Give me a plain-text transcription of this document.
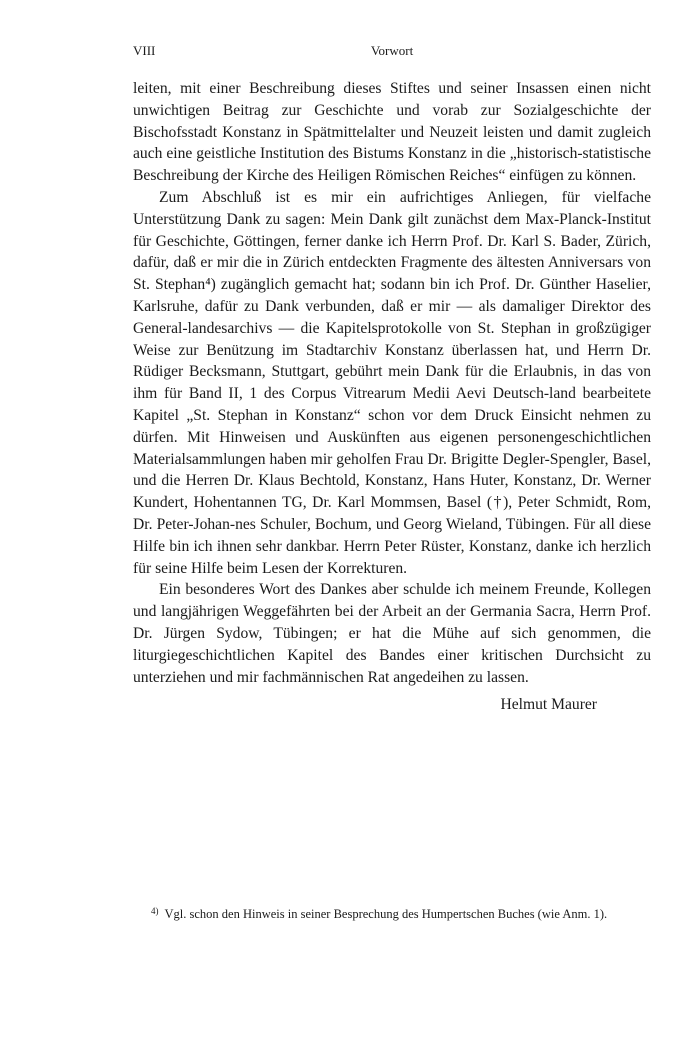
VIII	Vorwort

leiten, mit einer Beschreibung dieses Stiftes und seiner Insassen einen nicht unwichtigen Beitrag zur Geschichte und vorab zur Sozialgeschichte der Bischofsstadt Konstanz in Spätmittelalter und Neuzeit leisten und damit zugleich auch eine geistliche Institution des Bistums Konstanz in die „historisch-statistische Beschreibung der Kirche des Heiligen Römischen Reiches“ einfügen zu können.

Zum Abschluß ist es mir ein aufrichtiges Anliegen, für vielfache Unterstützung Dank zu sagen: Mein Dank gilt zunächst dem Max-Planck-Institut für Geschichte, Göttingen, ferner danke ich Herrn Prof. Dr. Karl S. Bader, Zürich, dafür, daß er mir die in Zürich entdeckten Fragmente des ältesten Anniversars von St. Stephan⁴) zugänglich gemacht hat; sodann bin ich Prof. Dr. Günther Haselier, Karlsruhe, dafür zu Dank verbunden, daß er mir — als damaliger Direktor des General-landesarchivs — die Kapitelsprotokolle von St. Stephan in großzügiger Weise zur Benützung im Stadtarchiv Konstanz überlassen hat, und Herrn Dr. Rüdiger Becksmann, Stuttgart, gebührt mein Dank für die Erlaubnis, in das von ihm für Band II, 1 des Corpus Vitrearum Medii Aevi Deutsch-land bearbeitete Kapitel „St. Stephan in Konstanz“ schon vor dem Druck Einsicht nehmen zu dürfen. Mit Hinweisen und Auskünften aus eigenen personengeschichtlichen Materialsammlungen haben mir geholfen Frau Dr. Brigitte Degler-Spengler, Basel, und die Herren Dr. Klaus Bechtold, Konstanz, Hans Huter, Konstanz, Dr. Werner Kundert, Hohentannen TG, Dr. Karl Mommsen, Basel (†), Peter Schmidt, Rom, Dr. Peter-Johan-nes Schuler, Bochum, und Georg Wieland, Tübingen. Für all diese Hilfe bin ich ihnen sehr dankbar. Herrn Peter Rüster, Konstanz, danke ich herzlich für seine Hilfe beim Lesen der Korrekturen.

Ein besonderes Wort des Dankes aber schulde ich meinem Freunde, Kollegen und langjährigen Weggefährten bei der Arbeit an der Germania Sacra, Herrn Prof. Dr. Jürgen Sydow, Tübingen; er hat die Mühe auf sich genommen, die liturgiegeschichtlichen Kapitel des Bandes einer kritischen Durchsicht zu unterziehen und mir fachmännischen Rat angedeihen zu lassen.

Helmut Maurer
$^{4)}$ Vgl. schon den Hinweis in seiner Besprechung des Humpertschen Buches (wie Anm. 1).
